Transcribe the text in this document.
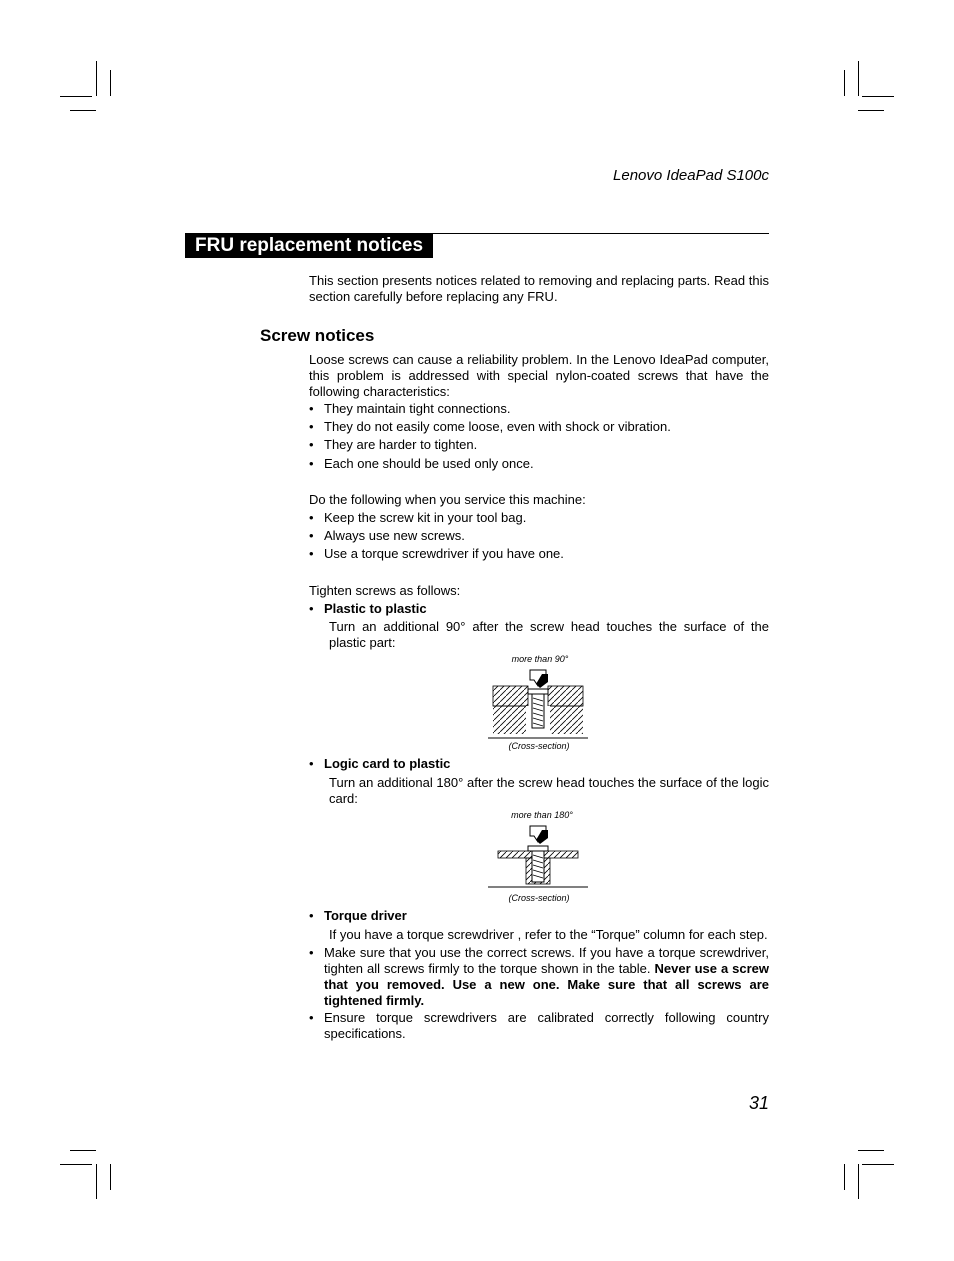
Lenovo IdeaPad S100c
FRU replacement notices
This section presents notices related to removing and replacing parts. Read this section carefully before replacing any FRU.
Screw notices
Loose screws can cause a reliability problem. In the Lenovo IdeaPad computer, this problem is addressed with special nylon-coated screws that have the following characteristics:
• They maintain tight connections.
• They do not easily come loose, even with shock or vibration.
• They are harder to tighten.
• Each one should be used only once.
Do the following when you service this machine:
• Keep the screw kit in your tool bag.
• Always use new screws.
• Use a torque screwdriver if you have one.
Tighten screws as follows:
• Plastic to plastic
Turn an additional 90° after the screw head touches the surface of the plastic part:
more than 90°
(Cross-section)
• Logic card to plastic
Turn an additional 180° after the screw head touches the surface of the logic card:
more than 180°
(Cross-section)
• Torque driver
If you have a torque screwdriver , refer to the “Torque” column for each step.
• Make sure that you use the correct screws. If you have a torque screwdriver, tighten all screws firmly to the torque shown in the table. Never use a screw that you removed. Use a new one. Make sure that all screws are tightened firmly.
• Ensure torque screwdrivers are calibrated correctly following country specifications.
31
